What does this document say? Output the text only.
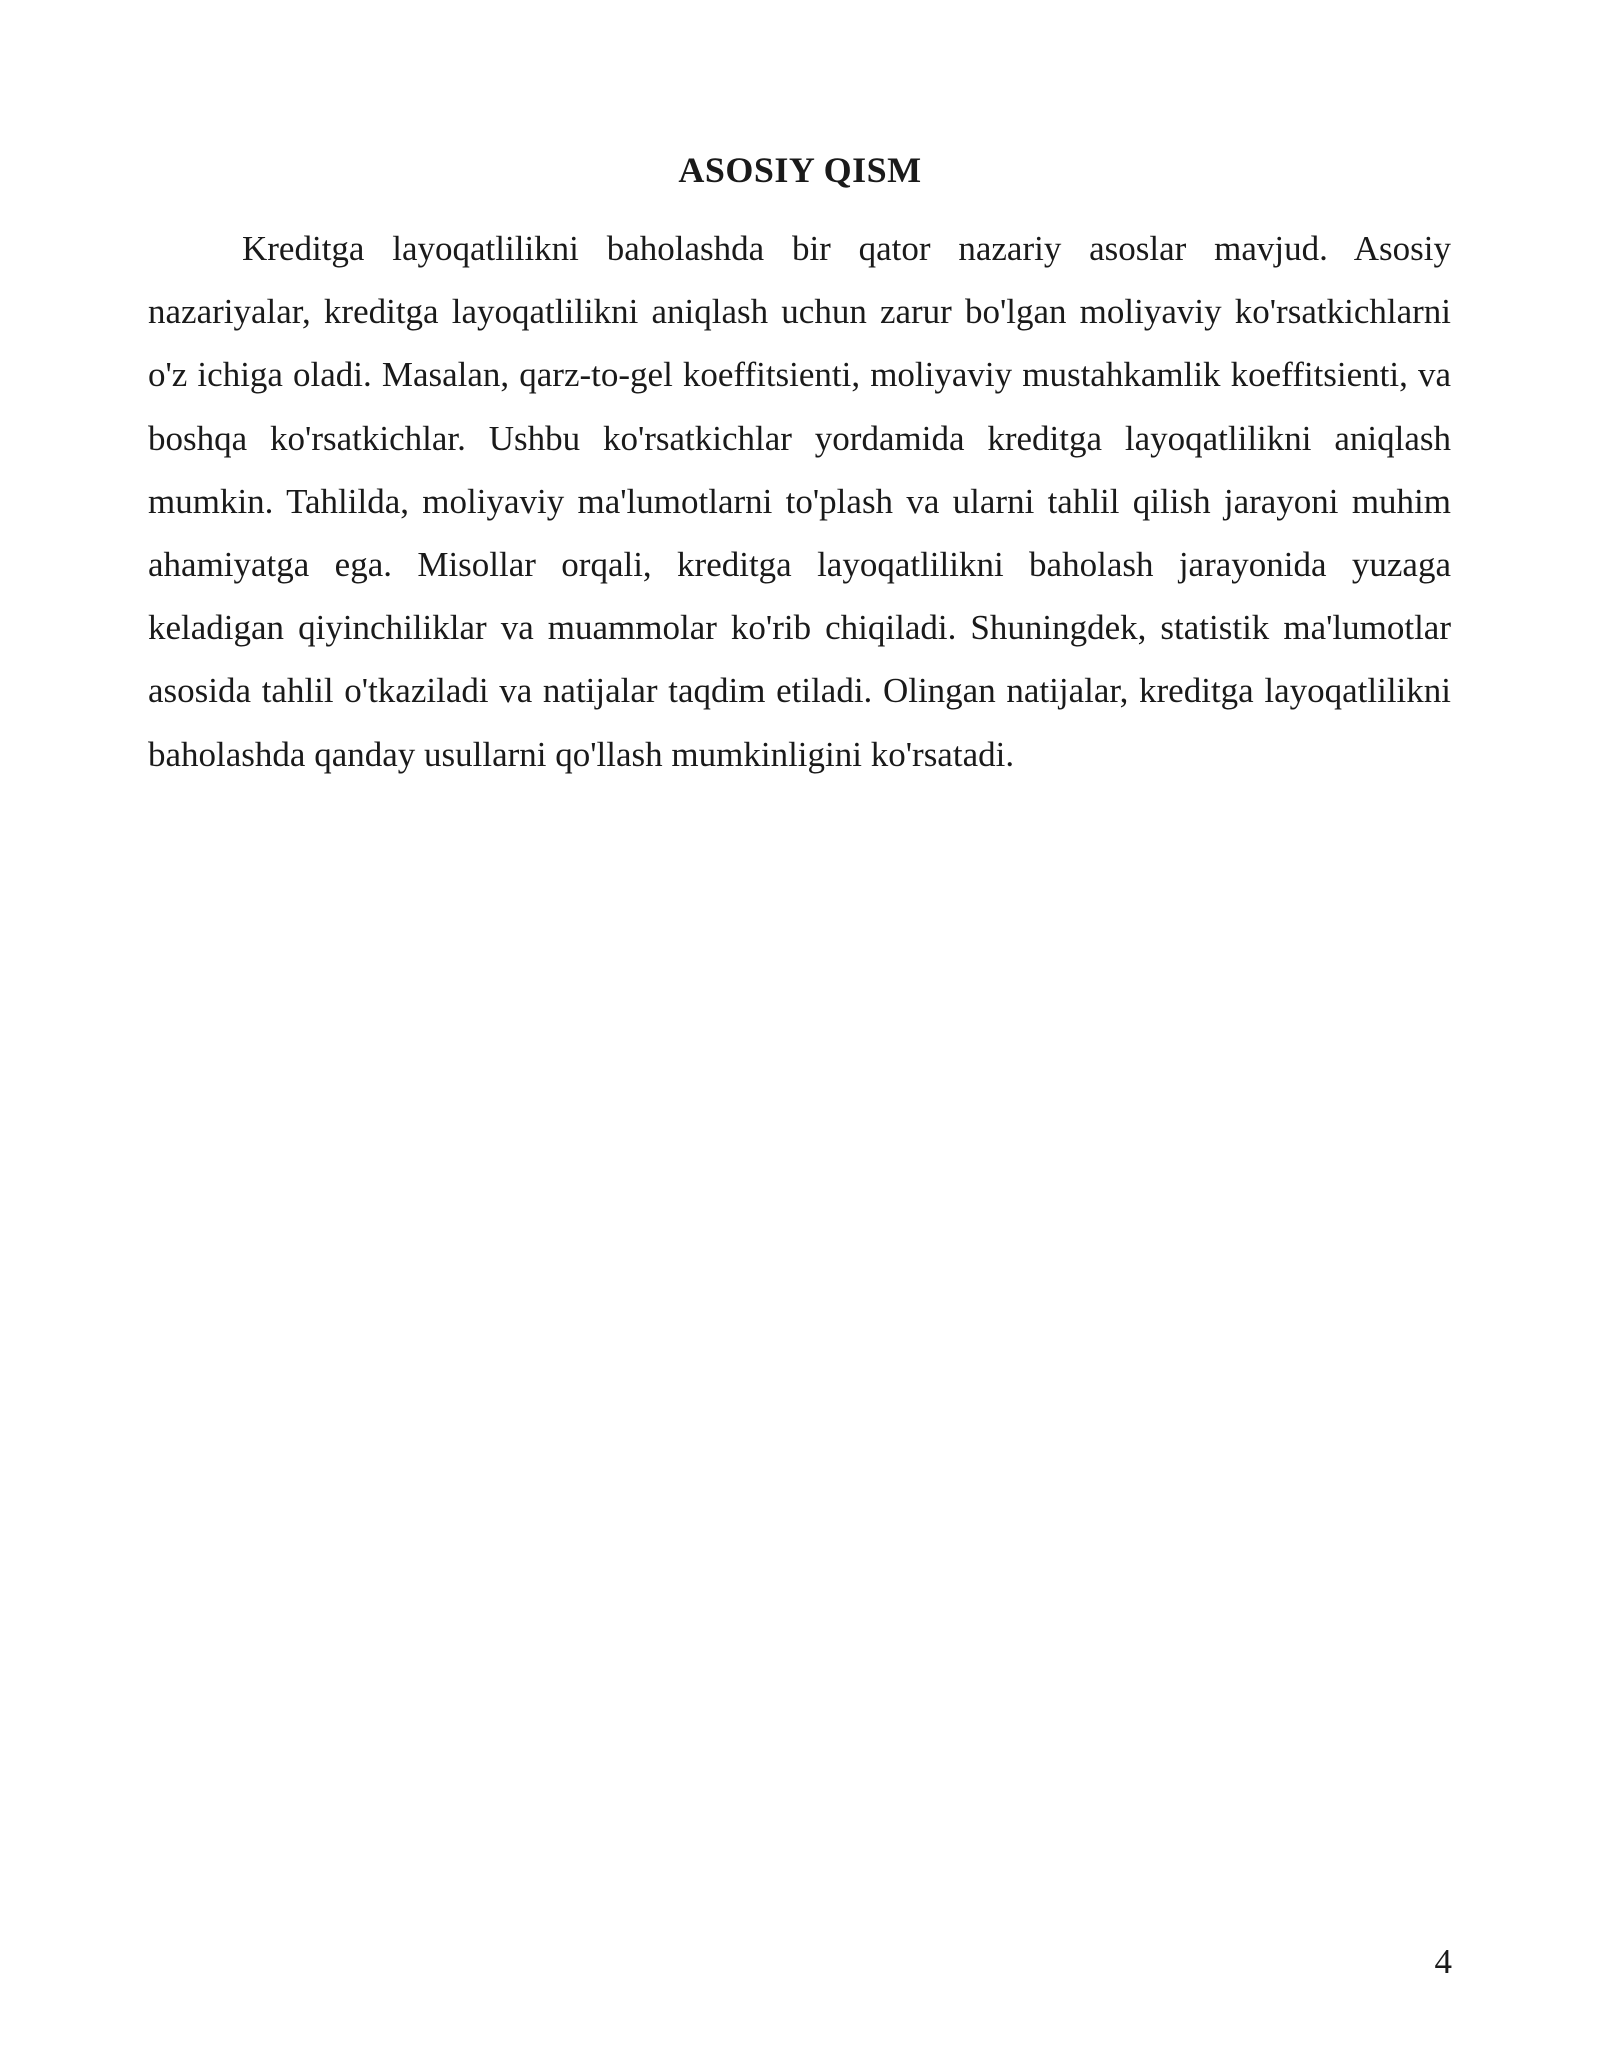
ASOSIY QISM

Kreditga layoqatlilikni baholashda bir qator nazariy asoslar mavjud. Asosiy nazariyalar, kreditga layoqatlilikni aniqlash uchun zarur bo'lgan moliyaviy ko'rsatkichlarni o'z ichiga oladi. Masalan, qarz-to-gel koeffitsienti, moliyaviy mustahkamlik koeffitsienti, va boshqa ko'rsatkichlar. Ushbu ko'rsatkichlar yordamida kreditga layoqatlilikni aniqlash mumkin. Tahlilda, moliyaviy ma'lumotlarni to'plash va ularni tahlil qilish jarayoni muhim ahamiyatga ega. Misollar orqali, kreditga layoqatlilikni baholash jarayonida yuzaga keladigan qiyinchiliklar va muammolar ko'rib chiqiladi. Shuningdek, statistik ma'lumotlar asosida tahlil o'tkaziladi va natijalar taqdim etiladi. Olingan natijalar, kreditga layoqatlilikni baholashda qanday usullarni qo'llash mumkinligini ko'rsatadi.

4
